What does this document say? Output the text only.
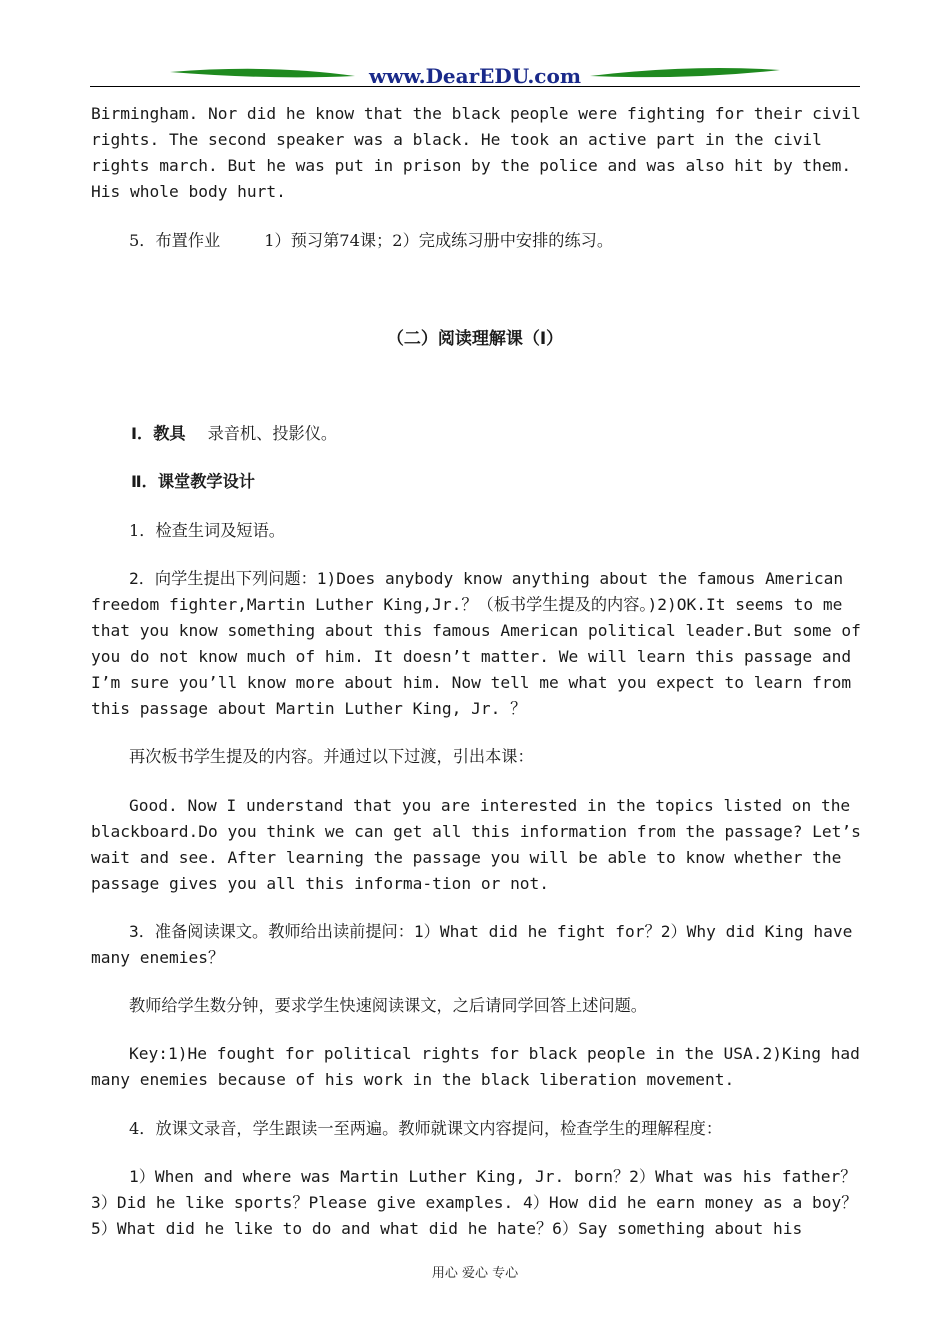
www.DearEDU.com

Birmingham. Nor did he know that the black people were fighting for their civil rights. The second speaker was a black. He took an active part in the civil rights march. But he was put in prison by the police and was also hit by them. His whole body hurt.

5．布置作业	1）预习第74课；2）完成练习册中安排的练习。

（二）阅读理解课（Ⅰ）

Ⅰ．教具 录音机、投影仪。

Ⅱ．课堂教学设计

1．检查生词及短语。

2．向学生提出下列问题：1)Does anybody know anything about the famous American freedom fighter,Martin Luther King,Jr.？（板书学生提及的内容。)2)OK.It seems to me that you know something about this famous American political leader.But some of you do not know much of him. It doesn’t matter. We will learn this passage and I’m sure you’ll know more about him. Now tell me what you expect to learn from this passage about Martin Luther King, Jr. ？

再次板书学生提及的内容。并通过以下过渡，引出本课：

Good. Now I understand that you are interested in the topics listed on the blackboard.Do you think we can get all this information from the passage? Let’s wait and see. After learning the passage you will be able to know whether the passage gives you all this informa-tion or not.

3．准备阅读课文。教师给出读前提问：1）What did he fight for？2）Why did King have many enemies？

教师给学生数分钟，要求学生快速阅读课文，之后请同学回答上述问题。

Key:1)He fought for political rights for black people in the USA.2)King had many enemies because of his work in the black liberation movement.

4．放课文录音，学生跟读一至两遍。教师就课文内容提问，检查学生的理解程度：

1）When and where was Martin Luther King, Jr. born？2）What was his father？3）Did he like sports？Please give examples. 4）How did he earn money as a boy？5）What did he like to do and what did he hate？6）Say something about his

用心 爱心 专心
